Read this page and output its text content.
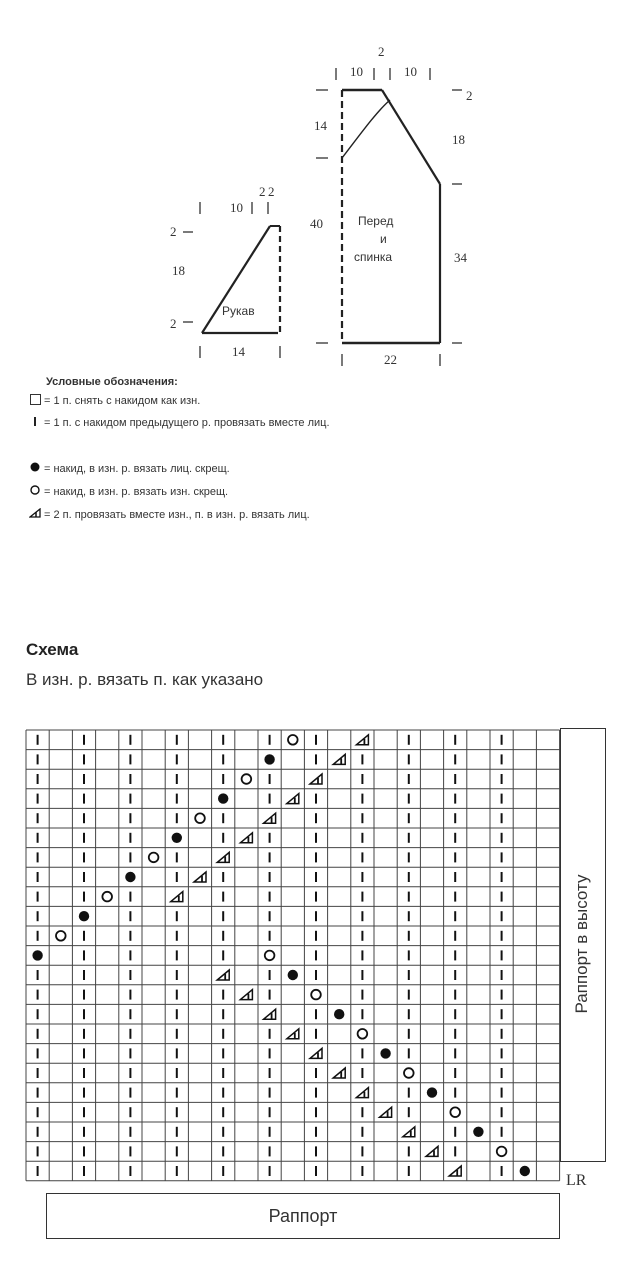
10
2 2
2
18
2
14
Рукав
10
2
10
14
40
2
18
34
22
Перед
и
спинка
Условные обозначения:
= 1 п. снять с накидом как изн.
= 1 п. с накидом предыдущего р. провязать вместе лиц.
= накид, в изн. р. вязать лиц. скрещ.
= накид, в изн. р. вязать изн. скрещ.
= 2 п. провязать вместе изн., п. в изн. р. вязать лиц.
Схема
В изн. р. вязать п. как указано
Раппорт в высоту
LR
Раппорт
